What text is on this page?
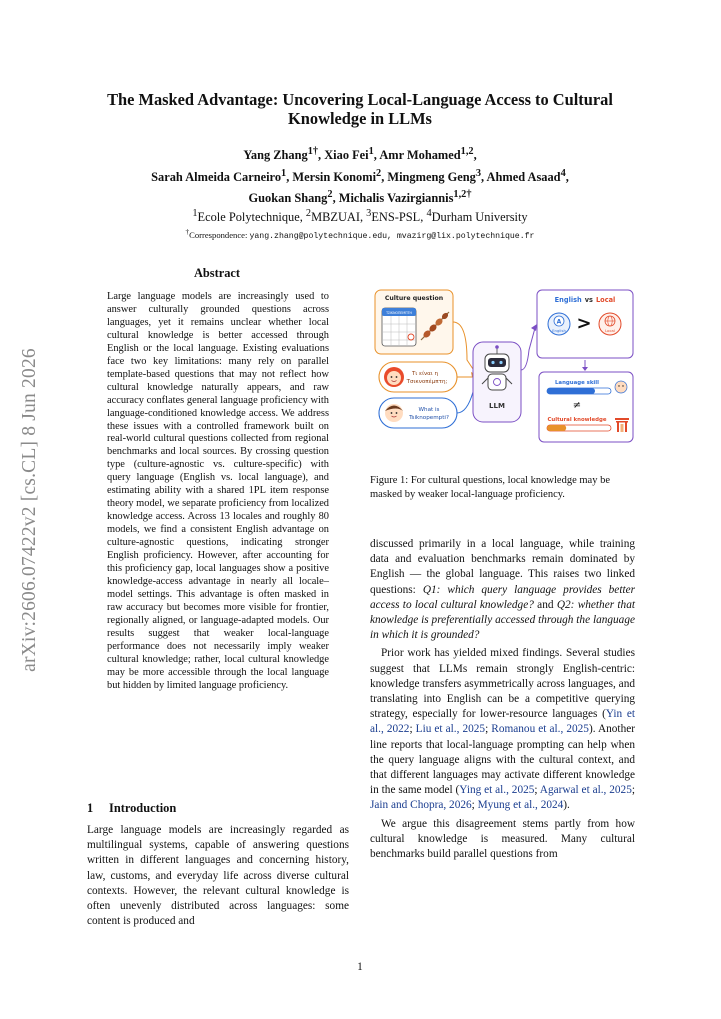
arXiv:2606.07422v2 [cs.CL] 8 Jun 2026
The Masked Advantage: Uncovering Local-Language Access to Cultural
Knowledge in LLMs
Yang Zhang$^{1\dagger}$, Xiao Fei$^1$, Amr Mohamed$^{1,2}$,
Sarah Almeida Carneiro$^1$, Mersin Konomi$^2$, Mingmeng Geng$^3$, Ahmed Asaad$^4$,
Guokan Shang$^2$, Michalis Vazirgiannis$^{1,2\dagger}$
$^1$Ecole Polytechnique, $^2$MBZUAI, $^3$ENS-PSL, $^4$Durham University
†Correspondence: yang.zhang@polytechnique.edu, mvazirg@lix.polytechnique.fr
Abstract
Large language models are increasingly used to answer culturally grounded questions across languages, yet it remains unclear whether local cultural knowledge is better accessed through English or the local language. Existing evaluations face two key limitations: many rely on parallel template-based questions that may not reflect how cultural knowledge naturally appears, and raw accuracy conflates general language proficiency with language-conditioned knowledge access. We address these issues with a controlled framework built on real-world cultural questions collected from regional benchmarks and local sources. By crossing question type (culture-agnostic vs. culture-specific) with query language (English vs. local language), and estimating ability with a shared 1PL item response theory model, we separate proficiency from localized knowledge access. Across 13 locales and roughly 80 models, we find a consistent English advantage on culture-agnostic questions, indicating stronger English proficiency. However, after accounting for this proficiency gap, local languages show a positive knowledge-access advantage in nearly all locale–model settings. This advantage is often masked in raw accuracy but becomes more visible for frontier, regionally aligned, or language-adapted models. Our results suggest that weaker local-language performance does not necessarily imply weaker cultural knowledge; rather, local cultural knowledge may be more accessible through the local language but hidden by limited language proficiency.
1 Introduction
Large language models are increasingly regarded as multilingual systems, capable of answering questions written in different languages and concerning history, law, customs, and everyday life across diverse cultural contexts. However, the relevant cultural knowledge is often unevenly distributed across languages: some content is produced and
Culture question
ΤΣΙΚΝΟΠΕΜΠΤΗ
Τι είναι η
Τσικνοπέμπτη;
What is
Tsiknopempti?
LLM
English vs Local
A
English >	Local
Language skill
≠
Cultural knowledge
Figure 1: For cultural questions, local knowledge may be masked by weaker local-language proficiency.

discussed primarily in a local language, while training data and evaluation benchmarks remain dominated by English — the global language. This raises two linked questions: Q1: which query language provides better access to local cultural knowledge? and Q2: whether that knowledge is preferentially accessed through the language in which it is grounded?

Prior work has yielded mixed findings. Several studies suggest that LLMs remain strongly English-centric: knowledge transfers asymmetrically across languages, and translating into English can be a competitive querying strategy, especially for lower-resource languages (Yin et al., 2022; Liu et al., 2025; Romanou et al., 2025). Another line reports that local-language prompting can help when the query language aligns with the cultural context, and that different languages may activate different knowledge in the same model (Ying et al., 2025; Agarwal et al., 2025; Jain and Chopra, 2026; Myung et al., 2024).

We argue this disagreement stems partly from how cultural knowledge is measured. Many cultural benchmarks build parallel questions from

1
